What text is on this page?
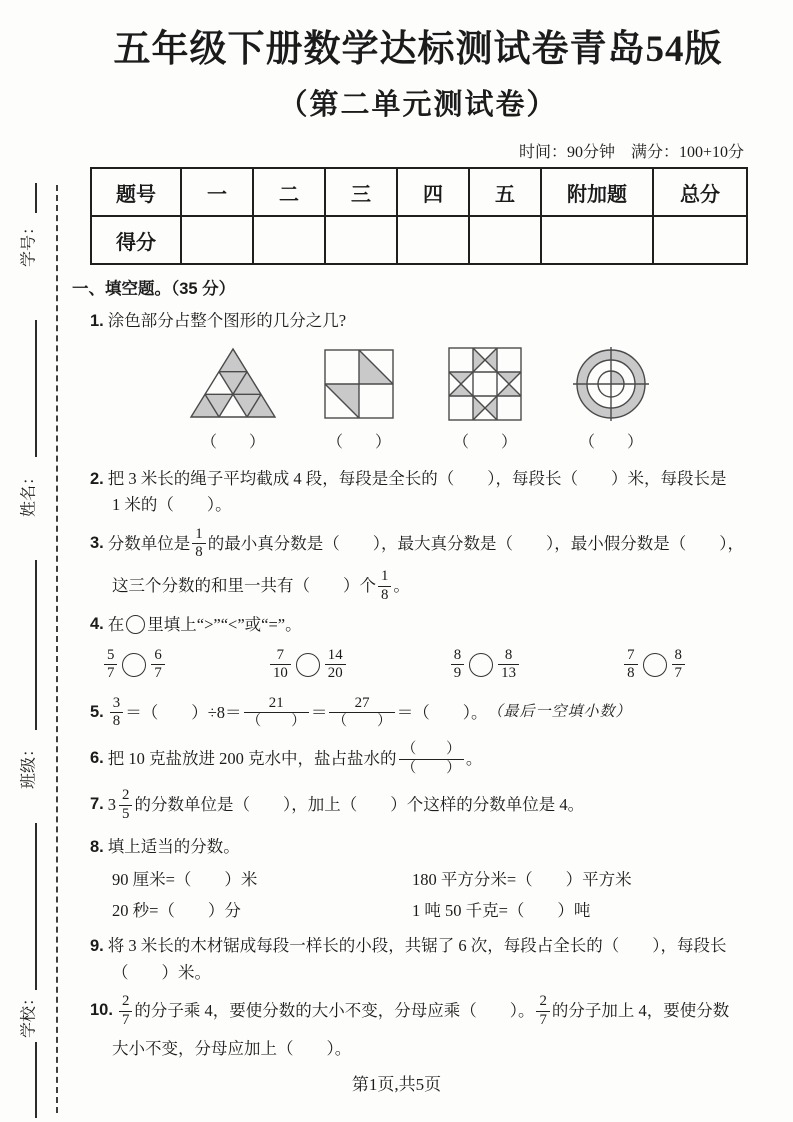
学号：
姓名：
班级：
学校：
五年级下册数学达标测试卷青岛54版
（第二单元测试卷）
时间：90分钟　满分：100+10分
题号	一	二	三	四	五	附加题	总分
得分							
一、填空题。（35 分）
1. 涂色部分占整个图形的几分之几?
（　　）	（　　）	（　　）	（　　）
2. 把 3 米长的绳子平均截成 4 段，每段是全长的（　　），每段长（　　）米，每段长是
1 米的（　　）。
3. 分数单位是 $\frac{1}{8}$ 的最小真分数是（　　），最大真分数是（　　），最小假分数是（　　），
这三个分数的和里一共有（　　）个 $\frac{1}{8}$ 。
4. 在 里填上“>”“<”或“=”。
$\frac{5}{7} \frac{6}{7}$	$\frac{7}{10} \frac{14}{20}$	$\frac{8}{9} \frac{8}{13}$	$\frac{7}{8} \frac{8}{7}$
5. $\frac{3}{8}$ ＝（　　）$\div 8= \frac{21}{( )} = \frac{27}{( )}$ ＝（　　）。 （最后一空填小数）
6. 把 10 克盐放进 200 克水中，盐占盐水的 $\frac{( )}{( )}$ 。
7. $3 \frac{2}{5}$ 的分数单位是（　　），加上（　　）个这样的分数单位是 4。
8. 填上适当的分数。
90 厘米=（　　）米	180 平方分米=（　　）平方米
20 秒=（　　）分	1 吨 50 千克=（　　）吨
9. 将 3 米长的木材锯成每段一样长的小段，共锯了 6 次，每段占全长的（　　），每段长
（　　）米。
10. $\frac{2}{7}$ 的分子乘 4，要使分数的大小不变，分母应乘（　　）。 $\frac{2}{7}$ 的分子加上 4，要使分数
大小不变，分母应加上（　　）。
第1页,共5页
